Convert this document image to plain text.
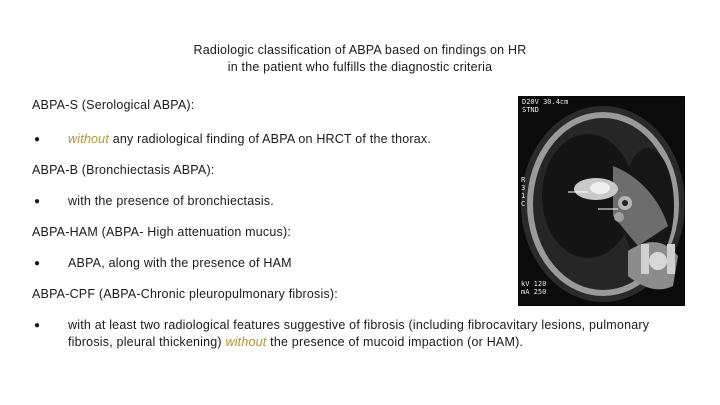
Radiologic classification of ABPA based on findings on HR
in the patient who fulfills the diagnostic criteria
ABPA-S (Serological ABPA):
● without any radiological finding of ABPA on HRCT of the thorax.
ABPA-B (Bronchiectasis ABPA):
● with the presence of bronchiectasis.
ABPA-HAM (ABPA- High attenuation mucus):
● ABPA, along with the presence of HAM
ABPA-CPF (ABPA-Chronic pleuropulmonary fibrosis):
● with at least two radiological features suggestive of fibrosis (including fibrocavitary lesions, pulmonary fibrosis, pleural thickening) without the presence of mucoid impaction (or HAM).
D20V 30.4cm
STND
R
3
1
C
kV 120
mA 250
